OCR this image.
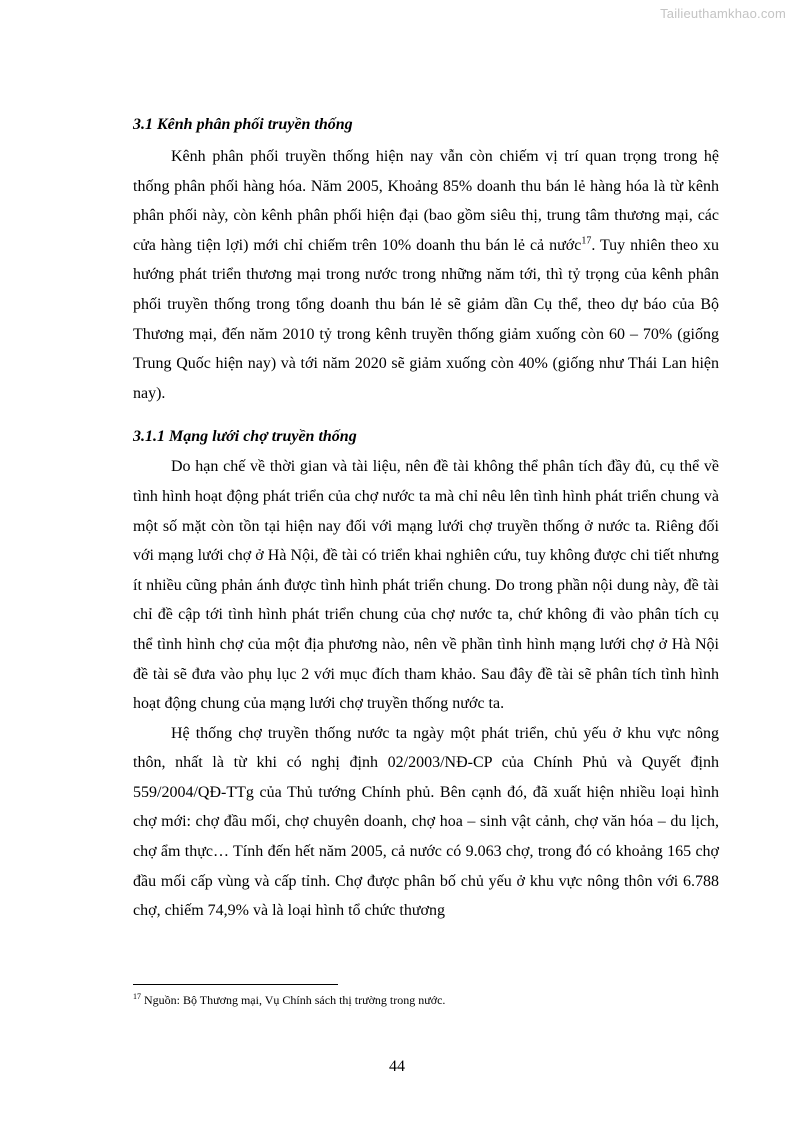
Tailieuthamkhao.com
3.1 Kênh phân phối truyền thống

Kênh phân phối truyền thống hiện nay vẫn còn chiếm vị trí quan trọng trong hệ thống phân phối hàng hóa. Năm 2005, Khoảng 85% doanh thu bán lẻ hàng hóa là từ kênh phân phối này, còn kênh phân phối hiện đại (bao gồm siêu thị, trung tâm thương mại, các cửa hàng tiện lợi) mới chỉ chiếm trên 10% doanh thu bán lẻ cả nước$^{17}$. Tuy nhiên theo xu hướng phát triển thương mại trong nước trong những năm tới, thì tỷ trọng của kênh phân phối truyền thống trong tổng doanh thu bán lẻ sẽ giảm dần Cụ thể, theo dự báo của Bộ Thương mại, đến năm 2010 tỷ trong kênh truyền thống giảm xuống còn 60 – 70% (giống Trung Quốc hiện nay) và tới năm 2020 sẽ giảm xuống còn 40% (giống như Thái Lan hiện nay).

3.1.1 Mạng lưới chợ truyền thống

Do hạn chế về thời gian và tài liệu, nên đề tài không thể phân tích đầy đủ, cụ thể về tình hình hoạt động phát triển của chợ nước ta mà chỉ nêu lên tình hình phát triển chung và một số mặt còn tồn tại hiện nay đối với mạng lưới chợ truyền thống ở nước ta. Riêng đối với mạng lưới chợ ở Hà Nội, đề tài có triển khai nghiên cứu, tuy không được chi tiết nhưng ít nhiều cũng phản ánh được tình hình phát triển chung. Do trong phần nội dung này, đề tài chỉ đề cập tới tình hình phát triển chung của chợ nước ta, chứ không đi vào phân tích cụ thể tình hình chợ của một địa phương nào, nên về phần tình hình mạng lưới chợ ở Hà Nội đề tài sẽ đưa vào phụ lục 2 với mục đích tham khảo. Sau đây đề tài sẽ phân tích tình hình hoạt động chung của mạng lưới chợ truyền thống nước ta.

Hệ thống chợ truyền thống nước ta ngày một phát triển, chủ yếu ở khu vực nông thôn, nhất là từ khi có nghị định 02/2003/NĐ-CP của Chính Phủ và Quyết định 559/2004/QĐ-TTg của Thủ tướng Chính phủ. Bên cạnh đó, đã xuất hiện nhiều loại hình chợ mới: chợ đầu mối, chợ chuyên doanh, chợ hoa – sinh vật cảnh, chợ văn hóa – du lịch, chợ ẩm thực… Tính đến hết năm 2005, cả nước có 9.063 chợ, trong đó có khoảng 165 chợ đầu mối cấp vùng và cấp tỉnh. Chợ được phân bố chủ yếu ở khu vực nông thôn với 6.788 chợ, chiếm 74,9% và là loại hình tổ chức thương

$^{17}$ Nguồn: Bộ Thương mại, Vụ Chính sách thị trường trong nước.
44
